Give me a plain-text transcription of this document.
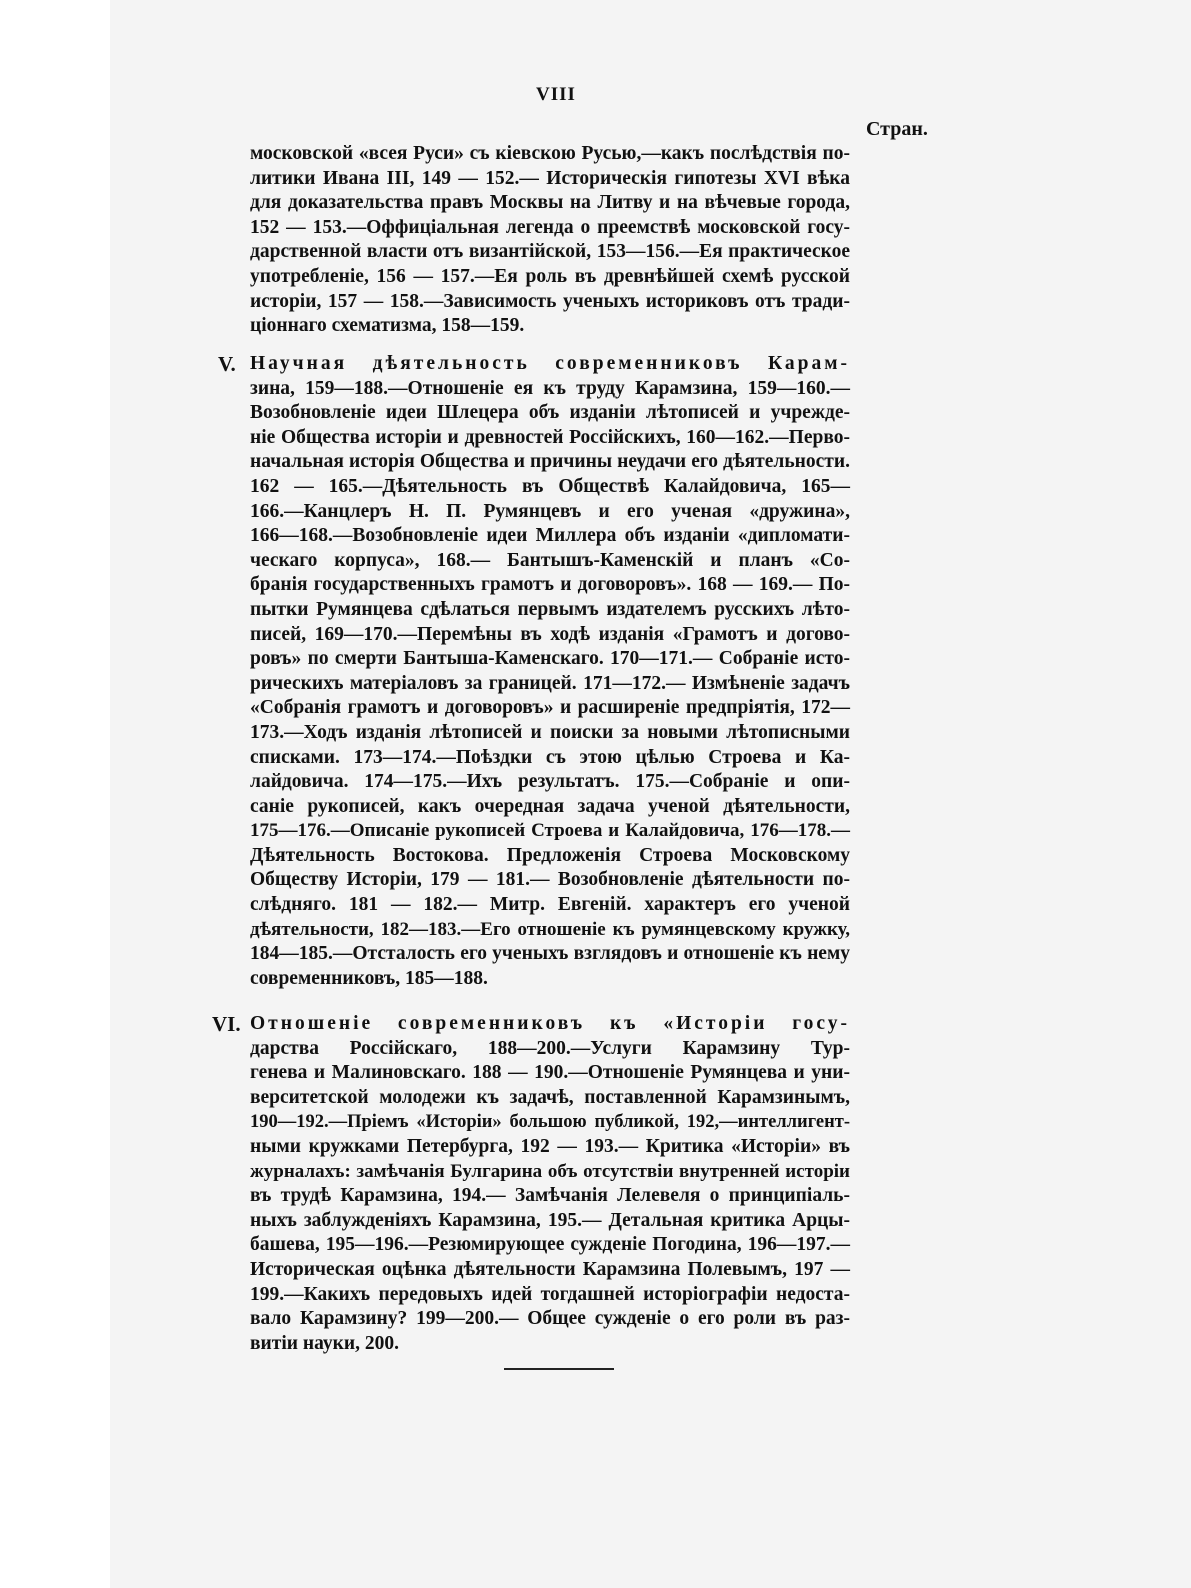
VIII
Стран.
московской «всея Руси» съ кіевскою Русью,—какъ послѣдствія по-
литики Ивана III, 149 — 152.— Историческія гипотезы XVI вѣка
для доказательства правъ Москвы на Литву и на вѣчевые города,
152 — 153.—Оффиціальная легенда о преемствѣ московской госу-
дарственной власти отъ византійской, 153—156.—Ея практическое
употребленіе, 156 — 157.—Ея роль въ древнѣйшей схемѣ русской
исторіи, 157 — 158.—Зависимость ученыхъ историковъ отъ тради-
ціоннаго схематизма, 158—159.
V. Научная дѣятельность современниковъ Карам-
зина, 159—188.—Отношеніе ея къ труду Карамзина, 159—160.—
Возобновленіе идеи Шлецера объ изданіи лѣтописей и учрежде-
ніе Общества исторіи и древностей Россійскихъ, 160—162.—Перво-
начальная исторія Общества и причины неудачи его дѣятельности.
162 — 165.—Дѣятельность въ Обществѣ Калайдовича, 165—
166.—Канцлеръ Н. П. Румянцевъ и его ученая «дружина»,
166—168.—Возобновленіе идеи Миллера объ изданіи «дипломати-
ческаго корпуса», 168.— Бантышъ-Каменскій и планъ «Со-
бранія государственныхъ грамотъ и договоровъ». 168 — 169.— По-
пытки Румянцева сдѣлаться первымъ издателемъ русскихъ лѣто-
писей, 169—170.—Перемѣны въ ходѣ изданія «Грамотъ и догово-
ровъ» по смерти Бантыша-Каменскаго. 170—171.— Собраніе исто-
рическихъ матеріаловъ за границей. 171—172.— Измѣненіе задачъ
«Собранія грамотъ и договоровъ» и расширеніе предпріятія, 172—
173.—Ходъ изданія лѣтописей и поиски за новыми лѣтописными
списками. 173—174.—Поѣздки съ этою цѣлью Строева и Ка-
лайдовича. 174—175.—Ихъ результатъ. 175.—Собраніе и опи-
саніе рукописей, какъ очередная задача ученой дѣятельности,
175—176.—Описаніе рукописей Строева и Калайдовича, 176—178.—
Дѣятельность Востокова. Предложенія Строева Московскому
Обществу Исторіи, 179 — 181.— Возобновленіе дѣятельности по-
слѣдняго. 181 — 182.— Митр. Евгеній. характеръ его ученой
дѣятельности, 182—183.—Его отношеніе къ румянцевскому кружку,
184—185.—Отсталость его ученыхъ взглядовъ и отношеніе къ нему
современниковъ, 185—188.
VI. Отношеніе современниковъ къ «Исторіи госу-
дарства Россійскаго, 188—200.—Услуги Карамзину Тур-
генева и Малиновскаго. 188 — 190.—Отношеніе Румянцева и уни-
верситетской молодежи къ задачѣ, поставленной Карамзинымъ,
190—192.—Пріемъ «Исторіи» большою публикой, 192,—интеллигент-
ными кружками Петербурга, 192 — 193.— Критика «Исторіи» въ
журналахъ: замѣчанія Булгарина объ отсутствіи внутренней исторіи
въ трудѣ Карамзина, 194.— Замѣчанія Лелевеля о принципіаль-
ныхъ заблужденіяхъ Карамзина, 195.— Детальная критика Арцы-
башева, 195—196.—Резюмирующее сужденіе Погодина, 196—197.—
Историческая оцѣнка дѣятельности Карамзина Полевымъ, 197 —
199.—Какихъ передовыхъ идей тогдашней исторіографіи недоста-
вало Карамзину? 199—200.— Общее сужденіе о его роли въ раз-
витіи науки, 200.
